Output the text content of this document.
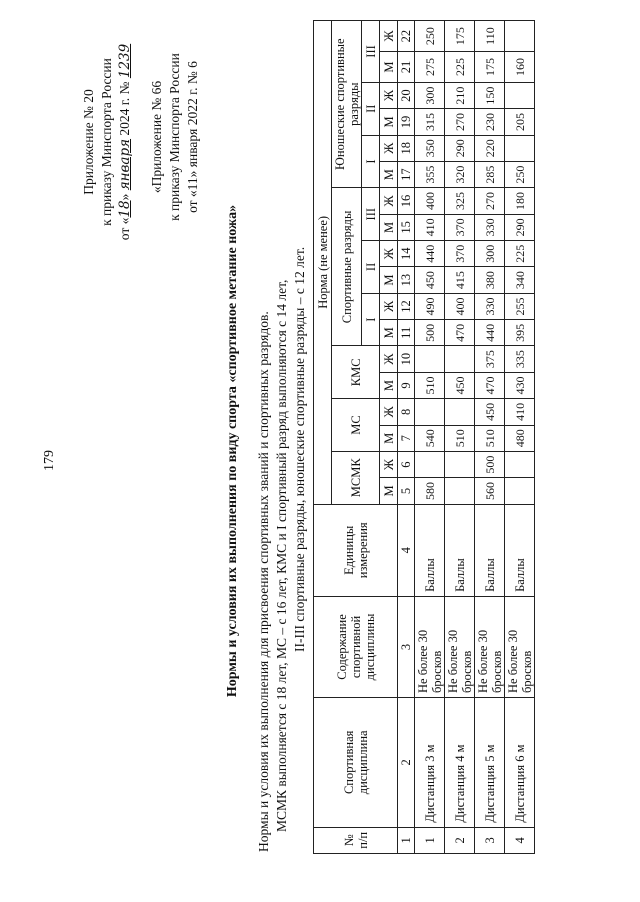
179
Приложение № 20 к приказу Минспорта России
от «18» января 2024 г. № 1239
«Приложение № 66 к приказу Минспорта России от «11» января 2022 г. № 6
Нормы и условия их выполнения по виду спорта «спортивное метание ножа» Нормы и условия их выполнения для присвоения спортивных званий и спортивных разрядов. МСМК выполняется с 18 лет, МС – с 16 лет, КМС и I спортивный разряд выполняются с 14 лет, II-III спортивные разряды, юношеские спортивные разряды – с 12 лет.
№ п/п	Спортивная дисциплина	Содержание спортивной дисциплины	Единицы измерения	Норма (не менее)																	
				МСМК		МС		КМС		Спортивные разряды						Юношеские спортивные разряды					
										I		II		III		I		II		III	
				М	Ж	М	Ж	М	Ж	М	Ж	М	Ж	М	Ж	М	Ж	М	Ж	М	Ж
1	2	3	4	5	6	7	8	9	10	11	12	13	14	15	16	17	18	19	20	21	22
1	Дистанция 3 м	Не более 30 бросков	Баллы	580		540		510		500	490	450	440	410	400	355	350	315	300	275	250
2	Дистанция 4 м	Не более 30 бросков	Баллы			510		450		470	400	415	370	370	325	320	290	270	210	225	175
3	Дистанция 5 м	Не более 30 бросков	Баллы	560	500	510	450	470	375	440	330	380	300	330	270	285	220	230	150	175	110
4	Дистанция 6 м	Не более 30 бросков	Баллы			480	410	430	335	395	255	340	225	290	180	250		205		160	
